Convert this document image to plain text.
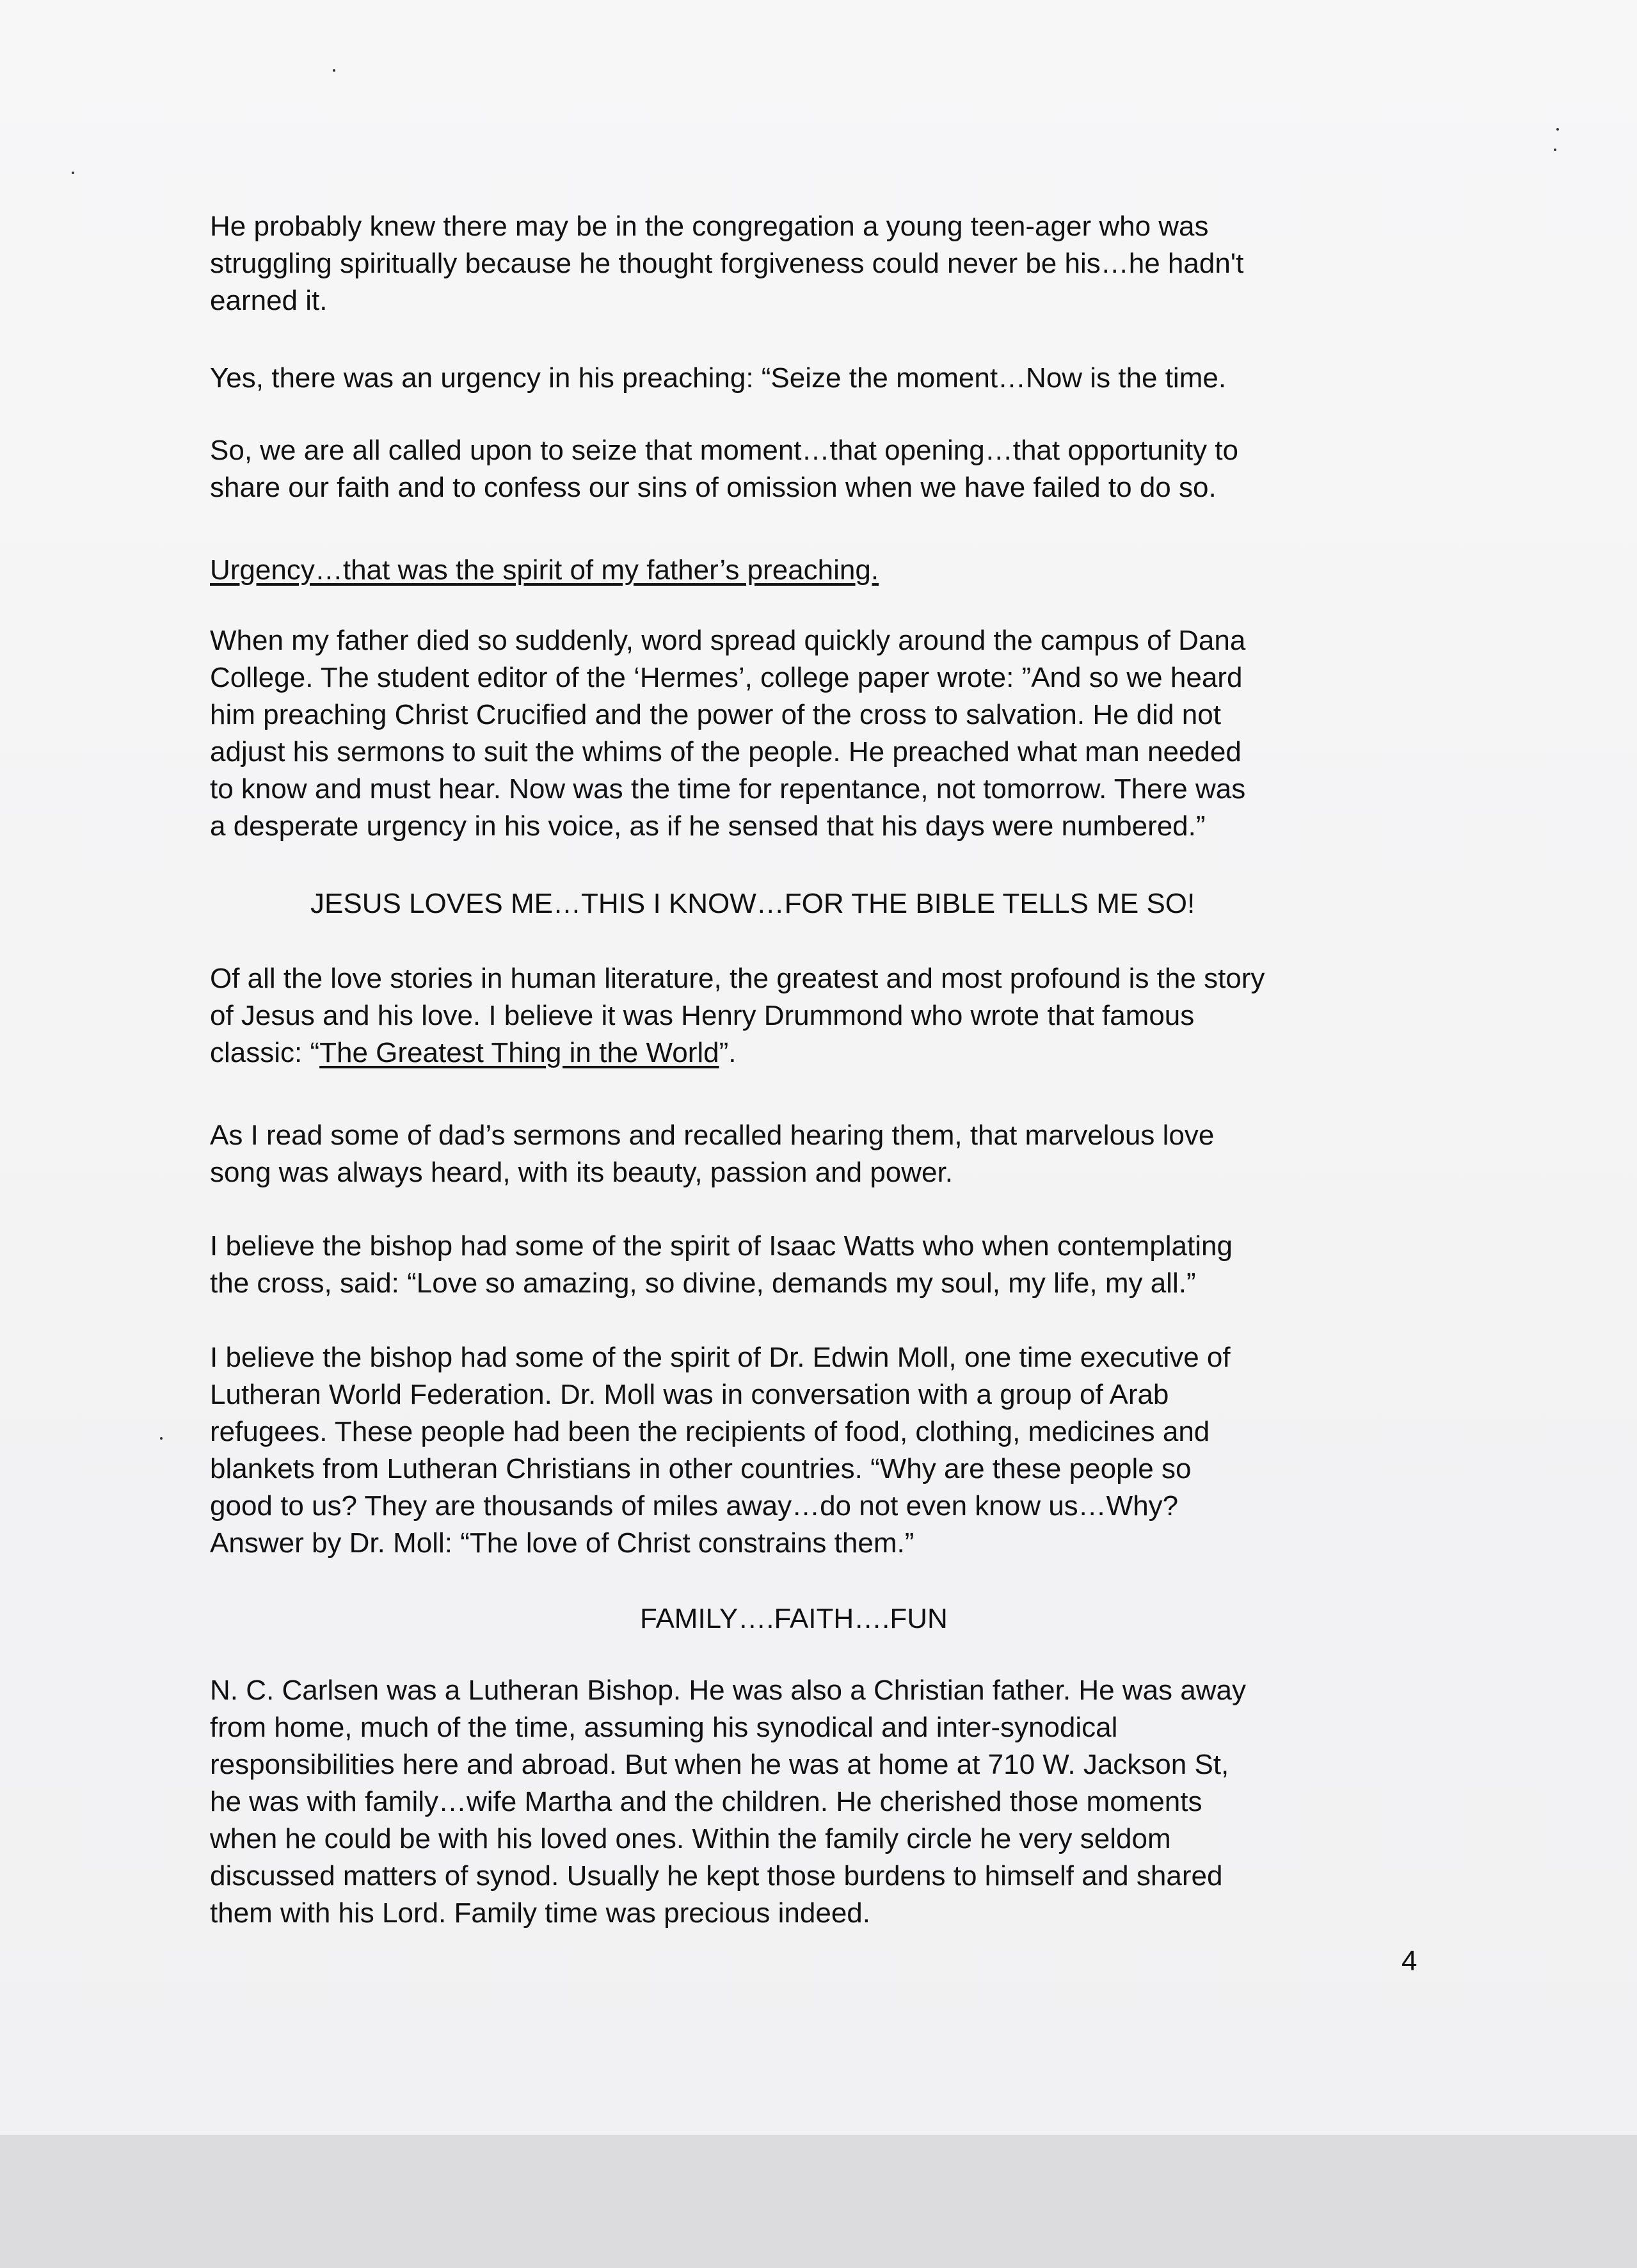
He probably knew there may be in the congregation a young teen-ager who was
struggling spiritually because he thought forgiveness could never be his…he hadn't
earned it.
Yes, there was an urgency in his preaching: “Seize the moment…Now is the time.
So, we are all called upon to seize that moment…that opening…that opportunity to
share our faith and to confess our sins of omission when we have failed to do so.
Urgency…that was the spirit of my father’s preaching.
When my father died so suddenly, word spread quickly around the campus of Dana
College. The student editor of the ‘Hermes’, college paper wrote: ”And so we heard
him preaching Christ Crucified and the power of the cross to salvation. He did not
adjust his sermons to suit the whims of the people. He preached what man needed
to know and must hear. Now was the time for repentance, not tomorrow. There was
a desperate urgency in his voice, as if he sensed that his days were numbered.”
JESUS LOVES ME…THIS I KNOW…FOR THE BIBLE TELLS ME SO!
Of all the love stories in human literature, the greatest and most profound is the story
of Jesus and his love. I believe it was Henry Drummond who wrote that famous
classic: “The Greatest Thing in the World”.
As I read some of dad’s sermons and recalled hearing them, that marvelous love
song was always heard, with its beauty, passion and power.
I believe the bishop had some of the spirit of Isaac Watts who when contemplating
the cross, said: “Love so amazing, so divine, demands my soul, my life, my all.”
I believe the bishop had some of the spirit of Dr. Edwin Moll, one time executive of
Lutheran World Federation. Dr. Moll was in conversation with a group of Arab
refugees. These people had been the recipients of food, clothing, medicines and
blankets from Lutheran Christians in other countries. “Why are these people so
good to us? They are thousands of miles away…do not even know us…Why?
Answer by Dr. Moll: “The love of Christ constrains them.”
FAMILY….FAITH….FUN
N. C. Carlsen was a Lutheran Bishop. He was also a Christian father. He was away
from home, much of the time, assuming his synodical and inter-synodical
responsibilities here and abroad. But when he was at home at 710 W. Jackson St,
he was with family…wife Martha and the children. He cherished those moments
when he could be with his loved ones. Within the family circle he very seldom
discussed matters of synod. Usually he kept those burdens to himself and shared
them with his Lord. Family time was precious indeed.
4
